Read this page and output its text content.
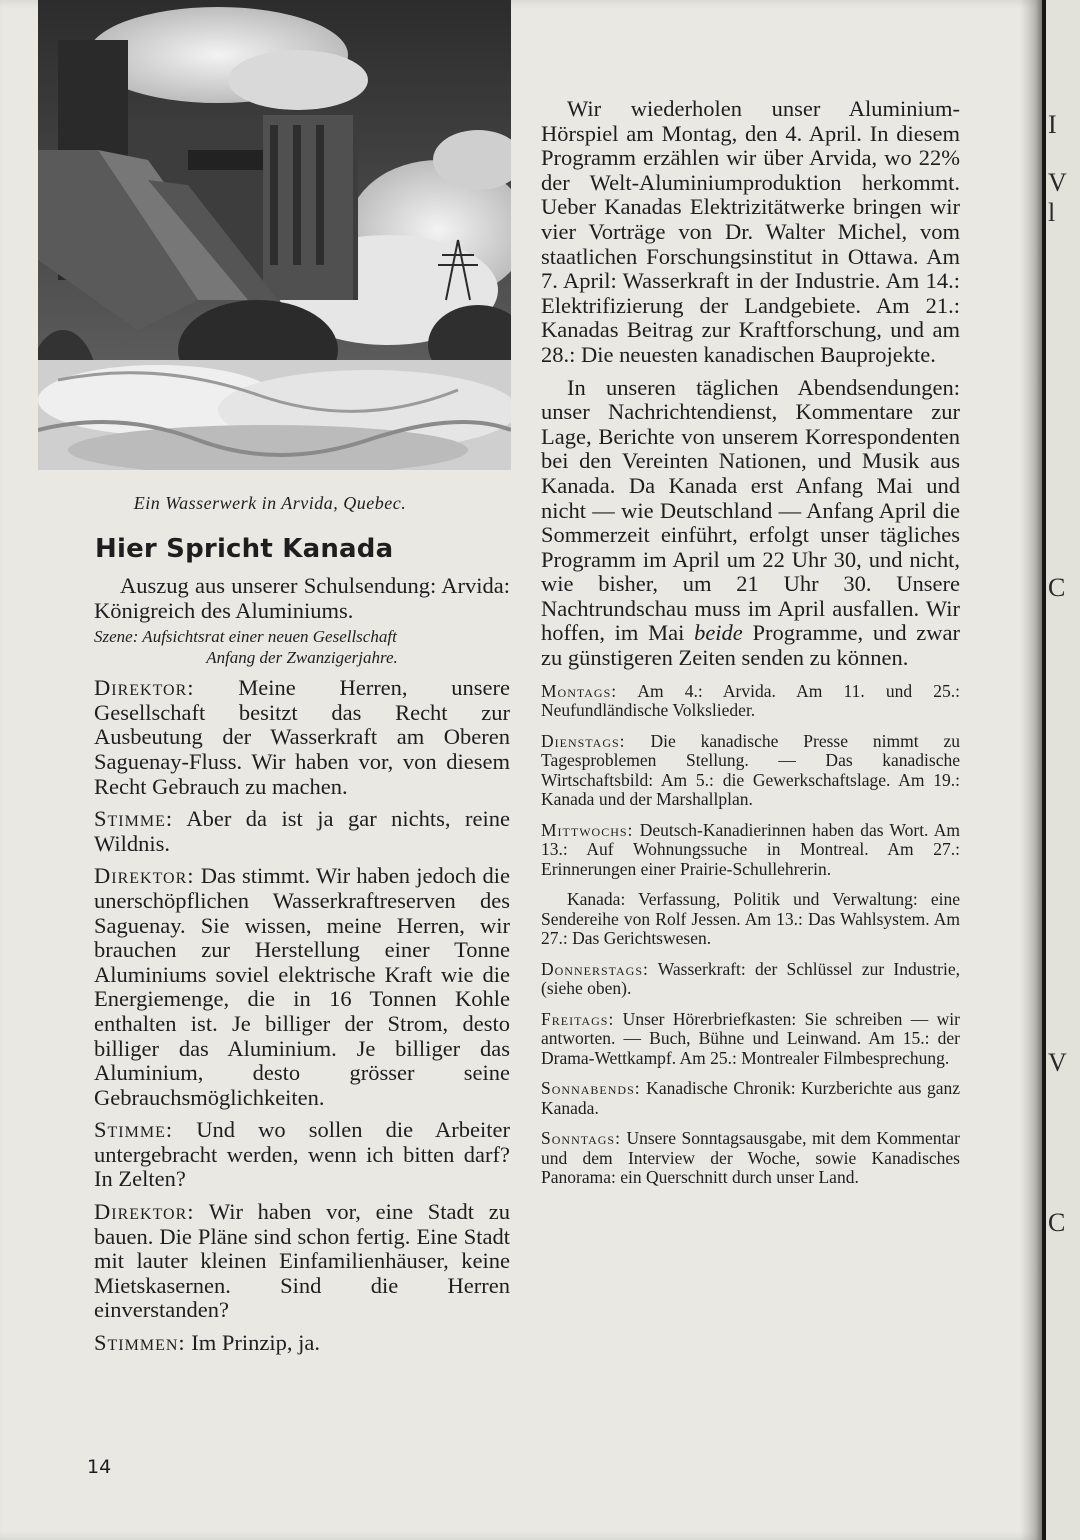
Ein Wasserwerk in Arvida, Quebec.
Hier Spricht Kanada

Auszug aus unserer Schulsendung: Arvida: Königreich des Aluminiums.

Szene: Aufsichtsrat einer neuen Gesellschaft
Anfang der Zwanzigerjahre.

Direktor: Meine Herren, unsere Gesellschaft besitzt das Recht zur Ausbeutung der Wasserkraft am Oberen Saguenay-Fluss. Wir haben vor, von diesem Recht Gebrauch zu machen.

Stimme: Aber da ist ja gar nichts, reine Wildnis.

Direktor: Das stimmt. Wir haben jedoch die unerschöpflichen Wasserkraftreserven des Saguenay. Sie wissen, meine Herren, wir brauchen zur Herstellung einer Tonne Aluminiums soviel elektrische Kraft wie die Energiemenge, die in 16 Tonnen Kohle enthalten ist. Je billiger der Strom, desto billiger das Aluminium. Je billiger das Aluminium, desto grösser seine Gebrauchsmöglichkeiten.

Stimme: Und wo sollen die Arbeiter untergebracht werden, wenn ich bitten darf? In Zelten?

Direktor: Wir haben vor, eine Stadt zu bauen. Die Pläne sind schon fertig. Eine Stadt mit lauter kleinen Einfamilienhäuser, keine Mietskasernen. Sind die Herren einverstanden?

Stimmen: Im Prinzip, ja.

Wir wiederholen unser Aluminium-Hörspiel am Montag, den 4. April. In diesem Programm erzählen wir über Arvida, wo 22% der Welt-Aluminiumproduktion herkommt. Ueber Kanadas Elektrizitätwerke bringen wir vier Vorträge von Dr. Walter Michel, vom staatlichen Forschungsinstitut in Ottawa. Am 7. April: Wasserkraft in der Industrie. Am 14.: Elektrifizierung der Landgebiete. Am 21.: Kanadas Beitrag zur Kraftforschung, und am 28.: Die neuesten kanadischen Bauprojekte.

In unseren täglichen Abendsendungen: unser Nachrichtendienst, Kommentare zur Lage, Berichte von unserem Korrespondenten bei den Vereinten Nationen, und Musik aus Kanada. Da Kanada erst Anfang Mai und nicht — wie Deutschland — Anfang April die Sommerzeit einführt, erfolgt unser tägliches Programm im April um 22 Uhr 30, und nicht, wie bisher, um 21 Uhr 30. Unsere Nachtrundschau muss im April ausfallen. Wir hoffen, im Mai beide Programme, und zwar zu günstigeren Zeiten senden zu können.

Montags: Am 4.: Arvida. Am 11. und 25.: Neufundländische Volkslieder.

Dienstags: Die kanadische Presse nimmt zu Tagesproblemen Stellung. — Das kanadische Wirtschaftsbild: Am 5.: die Gewerkschaftslage. Am 19.: Kanada und der Marshallplan.

Mittwochs: Deutsch-Kanadierinnen haben das Wort. Am 13.: Auf Wohnungssuche in Montreal. Am 27.: Erinnerungen einer Prairie-Schullehrerin.

Kanada: Verfassung, Politik und Verwaltung: eine Sendereihe von Rolf Jessen. Am 13.: Das Wahlsystem. Am 27.: Das Gerichtswesen.

Donnerstags: Wasserkraft: der Schlüssel zur Industrie, (siehe oben).

Freitags: Unser Hörerbriefkasten: Sie schreiben — wir antworten. — Buch, Bühne und Leinwand. Am 15.: der Drama-Wettkampf. Am 25.: Montrealer Filmbesprechung.

Sonnabends: Kanadische Chronik: Kurzberichte aus ganz Kanada.

Sonntags: Unsere Sonntagsausgabe, mit dem Kommentar und dem Interview der Woche, sowie Kanadisches Panorama: ein Querschnitt durch unser Land.

14
I
V
l
C
V
C
